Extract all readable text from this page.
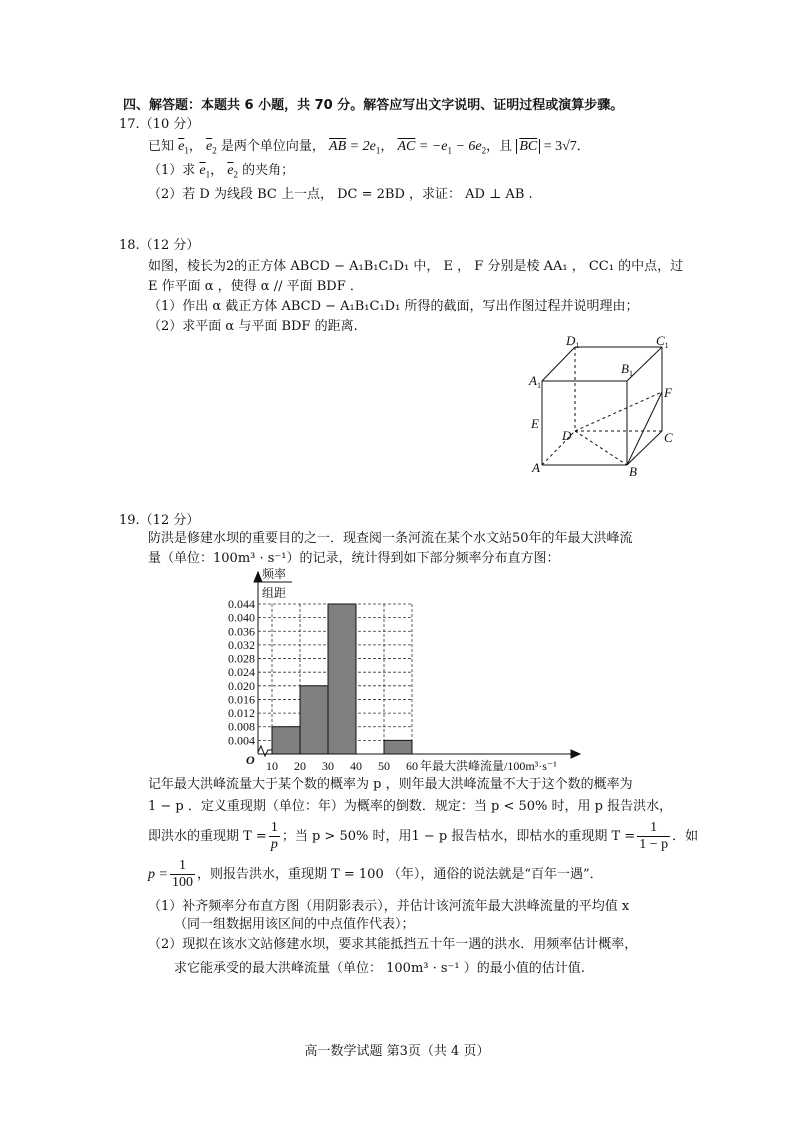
四、解答题：本题共 6 小题，共 70 分。解答应写出文字说明、证明过程或演算步骤。
17.（10 分）
已知 $\overline{e}_1$， $\overline{e}_2$ 是两个单位向量， $\overline{AB} = 2e_1$， $\overline{AC} = -e_1 - 6e_2$，且 $\overline{BC} = 3√7$．
（1）求 $\overline{e}_1$， $\overline{e}_2$ 的夹角；
（2）若 D 为线段 BC 上一点， DC = 2BD ，求证： AD ⊥ AB .
18.（12 分）
如图，棱长为2的正方体 ABCD − A₁B₁C₁D₁ 中， E ， F 分别是棱 AA₁ ， CC₁ 的中点，过
E 作平面 α ，使得 α // 平面 BDF ．
（1）作出 α 截正方体 ABCD − A₁B₁C₁D₁ 所得的截面，写出作图过程并说明理由；
（2）求平面 α 与平面 BDF 的距离.
$D_1$	$C_1$
$B_1$
$A_1$	F
E
D	C
A	B
19.（12 分）
防洪是修建水坝的重要目的之一．现查阅一条河流在某个水文站50年的年最大洪峰流
量（单位：100m³ · s⁻¹）的记录，统计得到如下部分频率分布直方图：
0.004
0.008
0.012
0.016
0.020
0.024
0.028
0.032
0.036
0.040
0.044
10 20 30 40 50 60
O	年最大洪峰流量/100m³·s⁻¹
频率
组距
记年最大洪峰流量大于某个数的概率为 p ，则年最大洪峰流量不大于这个数的概率为
1 − p ．定义重现期（单位：年）为概率的倒数．规定：当 p < 50% 时，用 p 报告洪水，
即洪水的重现期 $T = \frac{1}{p}$ ；当 p > 50% 时，用1 − p 报告枯水，即枯水的重现期 $T = \frac{1}{1 - p}$ ．如
$p = \frac{1}{100}$ ，则报告洪水，重现期 T = 100 （年），通俗的说法就是“百年一遇”．
（1）补齐频率分布直方图（用阴影表示），并估计该河流年最大洪峰流量的平均值 x
（同一组数据用该区间的中点值作代表）；
（2）现拟在该水文站修建水坝，要求其能抵挡五十年一遇的洪水．用频率估计概率，
求它能承受的最大洪峰流量（单位： 100m³ · s⁻¹ ）的最小值的估计值.
高一数学试题 第3页（共 4 页）
